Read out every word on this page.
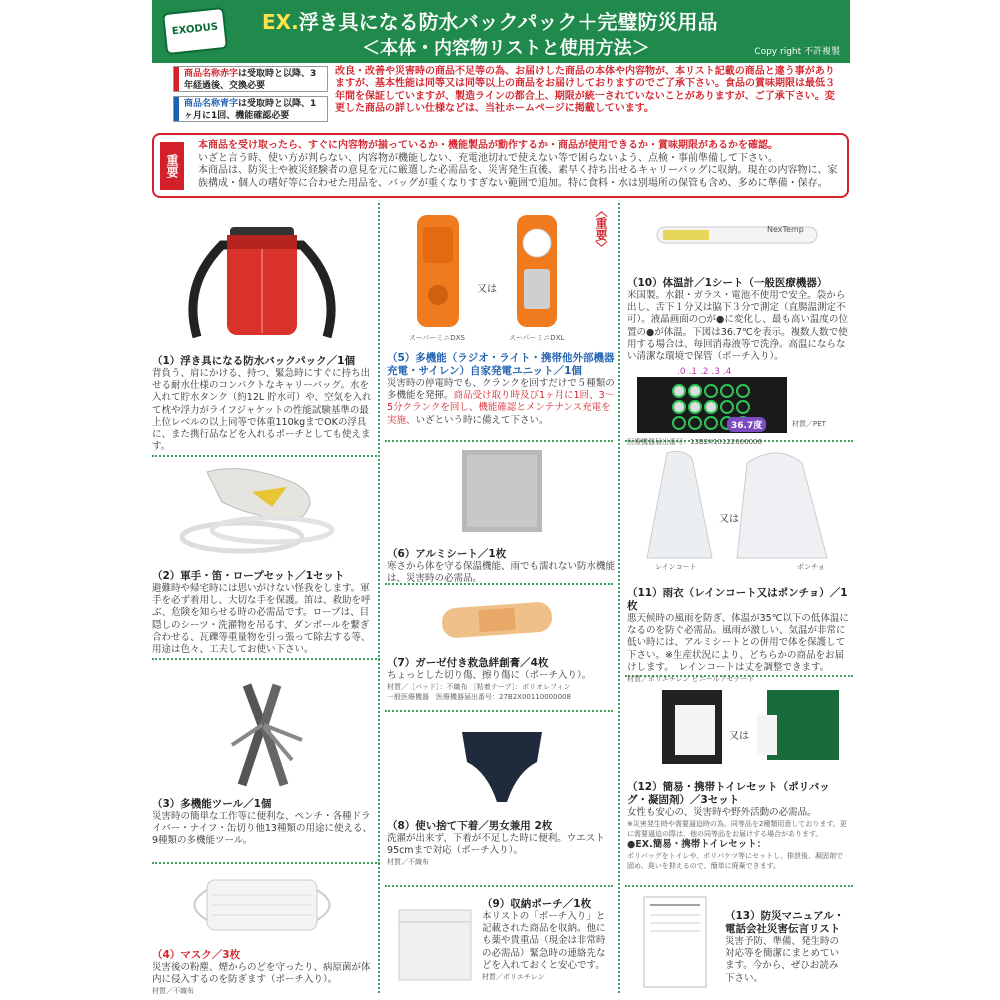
EXODUS EX.浮き具になる防水バックパック＋完璧防災用品
＜本体・内容物リストと使用方法＞	Copy right 不許複製
商品名称赤字は受取時と以降、3年経過後、交換必要
商品名称青字は受取時と以降、1ヶ月に1回、機能確認必要
改良・改善や災害時の商品不足等の為、お届けした商品の本体や内容物が、本リスト記載の商品と違う事がありますが、基本性能は同等又は同等以上の商品をお届けしておりますのでご了承下さい。食品の賞味期限は最低３年間を保証していますが、製造ラインの都合上、期限が統一されていないことがありますが、ご了承下さい。変更した商品の詳しい仕様などは、当社ホームページに掲載しています。
重要
本商品を受け取ったら、すぐに内容物が揃っているか・機能製品が動作するか・商品が使用できるか・賞味期限があるかを確認。
いざと言う時、使い方が判らない、内容物が機能しない、充電池切れで使えない等で困らないよう、点検・事前準備して下さい。
本商品は、防災士や被災経験者の意見を元に厳選した必需品を、災害発生直後、素早く持ち出せるキャリーバッグに収納。現在の内容物に、家族構成・個人の嗜好等に合わせた用品を、バッグが重くなりすぎない範囲で追加。特に食料・水は別場所の保管も含め、多めに準備・保存。
（1）浮き具になる防水バックパック／1個
背負う、肩にかける、持つ、緊急時にすぐに持ち出せる耐水仕様のコンパクトなキャリーバッグ。水を入れて貯水タンク（約12L 貯水可）や、空気を入れて枕や浮力がライフジャケットの性能試験基準の最上位レベルの以上同等で体重110kgまでOKの浮具に、また携行品などを入れるポーチとしても使えます。
（2）軍手・笛・ロープセット／1セット
避難時や帰宅時には思いがけない怪我をします。軍手を必ず着用し、大切な手を保護。笛は、救助を呼ぶ、危険を知らせる時の必需品です。ロープは、目隠しのシーツ・洗濯物を吊るす、ダンボールを繋ぎ合わせる、瓦礫等重量物を引っ張って除去する等、用途は色々、工夫してお使い下さい。
（3）多機能ツール／1個
災害時の簡単な工作等に便利な、ペンチ・各種ドライバー・ナイフ・缶切り他13種類の用途に使える、9種類の多機能ツール。
（4）マスク／3枚
災害後の粉塵、煙からのどを守ったり、病原菌が体内に侵入するのを防ぎます（ポーチ入り）。
材質／不織布
又は
スーパーミニDXS	スーパーミニDXL
〈重要〉
（5）多機能（ラジオ・ライト・携帯他外部機器充電・サイレン）自家発電ユニット／1個
災害時の停電時でも、クランクを回すだけで５種類の多機能を発揮。商品受け取り時及び1ヶ月に1回、3〜5分クランクを回し、機能確認とメンテナンス充電を実施、いざという時に備えて下さい。
（6）アルミシート／1枚
寒さから体を守る保温機能、雨でも濡れない防水機能は、災害時の必需品。
（7）ガーゼ付き救急絆創膏／4枚
ちょっとした切り傷、擦り傷に（ポーチ入り）。
材質／［パッド］：不織布 ［粘着テープ］：ポリオレフィン
一般医療機器　医療機器届出番号：27B2X00110000008
（8）使い捨て下着／男女兼用 2枚
洗濯が出来ず、下着が不足した時に便利。ウエスト95cmまで対応（ポーチ入り）。
材質／不織布
（9）収納ポーチ／1枚
本リストの「ポーチ入り」と記載された商品を収納。他にも薬や貴重品（現金は非常時の必需品）緊急時の連絡先などを入れておくと安心です。
材質／ポリエチレン
NexTemp
（10）体温計／1シート（一般医療機器）
米国製。水銀・ガラス・電池不使用で安全。袋から出し、舌下１分又は脇下３分で測定（直腸温測定不可）。液晶画面の○が●に変化し、最も高い温度の位置の●が体温。下図は36.7℃を表示。複数人数で使用する場合は、毎回消毒液等で洗浄。高温にならない清潔な環境で保管（ポーチ入り）。
.0 .1 .2 .3 .4
36.7度	材質／PET
医療機器届出番号：13B2X10122000006
又は
レインコート	ポンチョ
（11）雨衣（レインコート又はポンチョ）／1枚
悪天候時の風雨を防ぎ、体温が35℃以下の低体温になるのを防ぐ必需品。風雨が激しい、気温が非常に低い時には、アルミシートとの併用で体を保護して下さい。※生産状況により、どちらかの商品をお届けします。　レインコートは丈を調整できます。
材質／ポリエチレン ビニールアセテート
又は
（12）簡易・携帯トイレセット（ポリバッグ・凝固剤）／3セット
女性も安心の、災害時や野外活動の必需品。
※災害発生時や需要逼迫時の為、同等品を2種類用意しております。更に需要逼迫の際は、他の同等品をお届けする場合があります。
●EX.簡易・携帯トイレセット：
ポリバッグをトイレや、ポリバケツ等にセットし、排泄後、凝固剤で固め、臭いを抑えるので、簡単に廃棄できます。
（13）防災マニュアル・電話会社災害伝言リスト
災害予防、準備、発生時の対応等を簡潔にまとめています。今から、ぜひお読み下さい。
